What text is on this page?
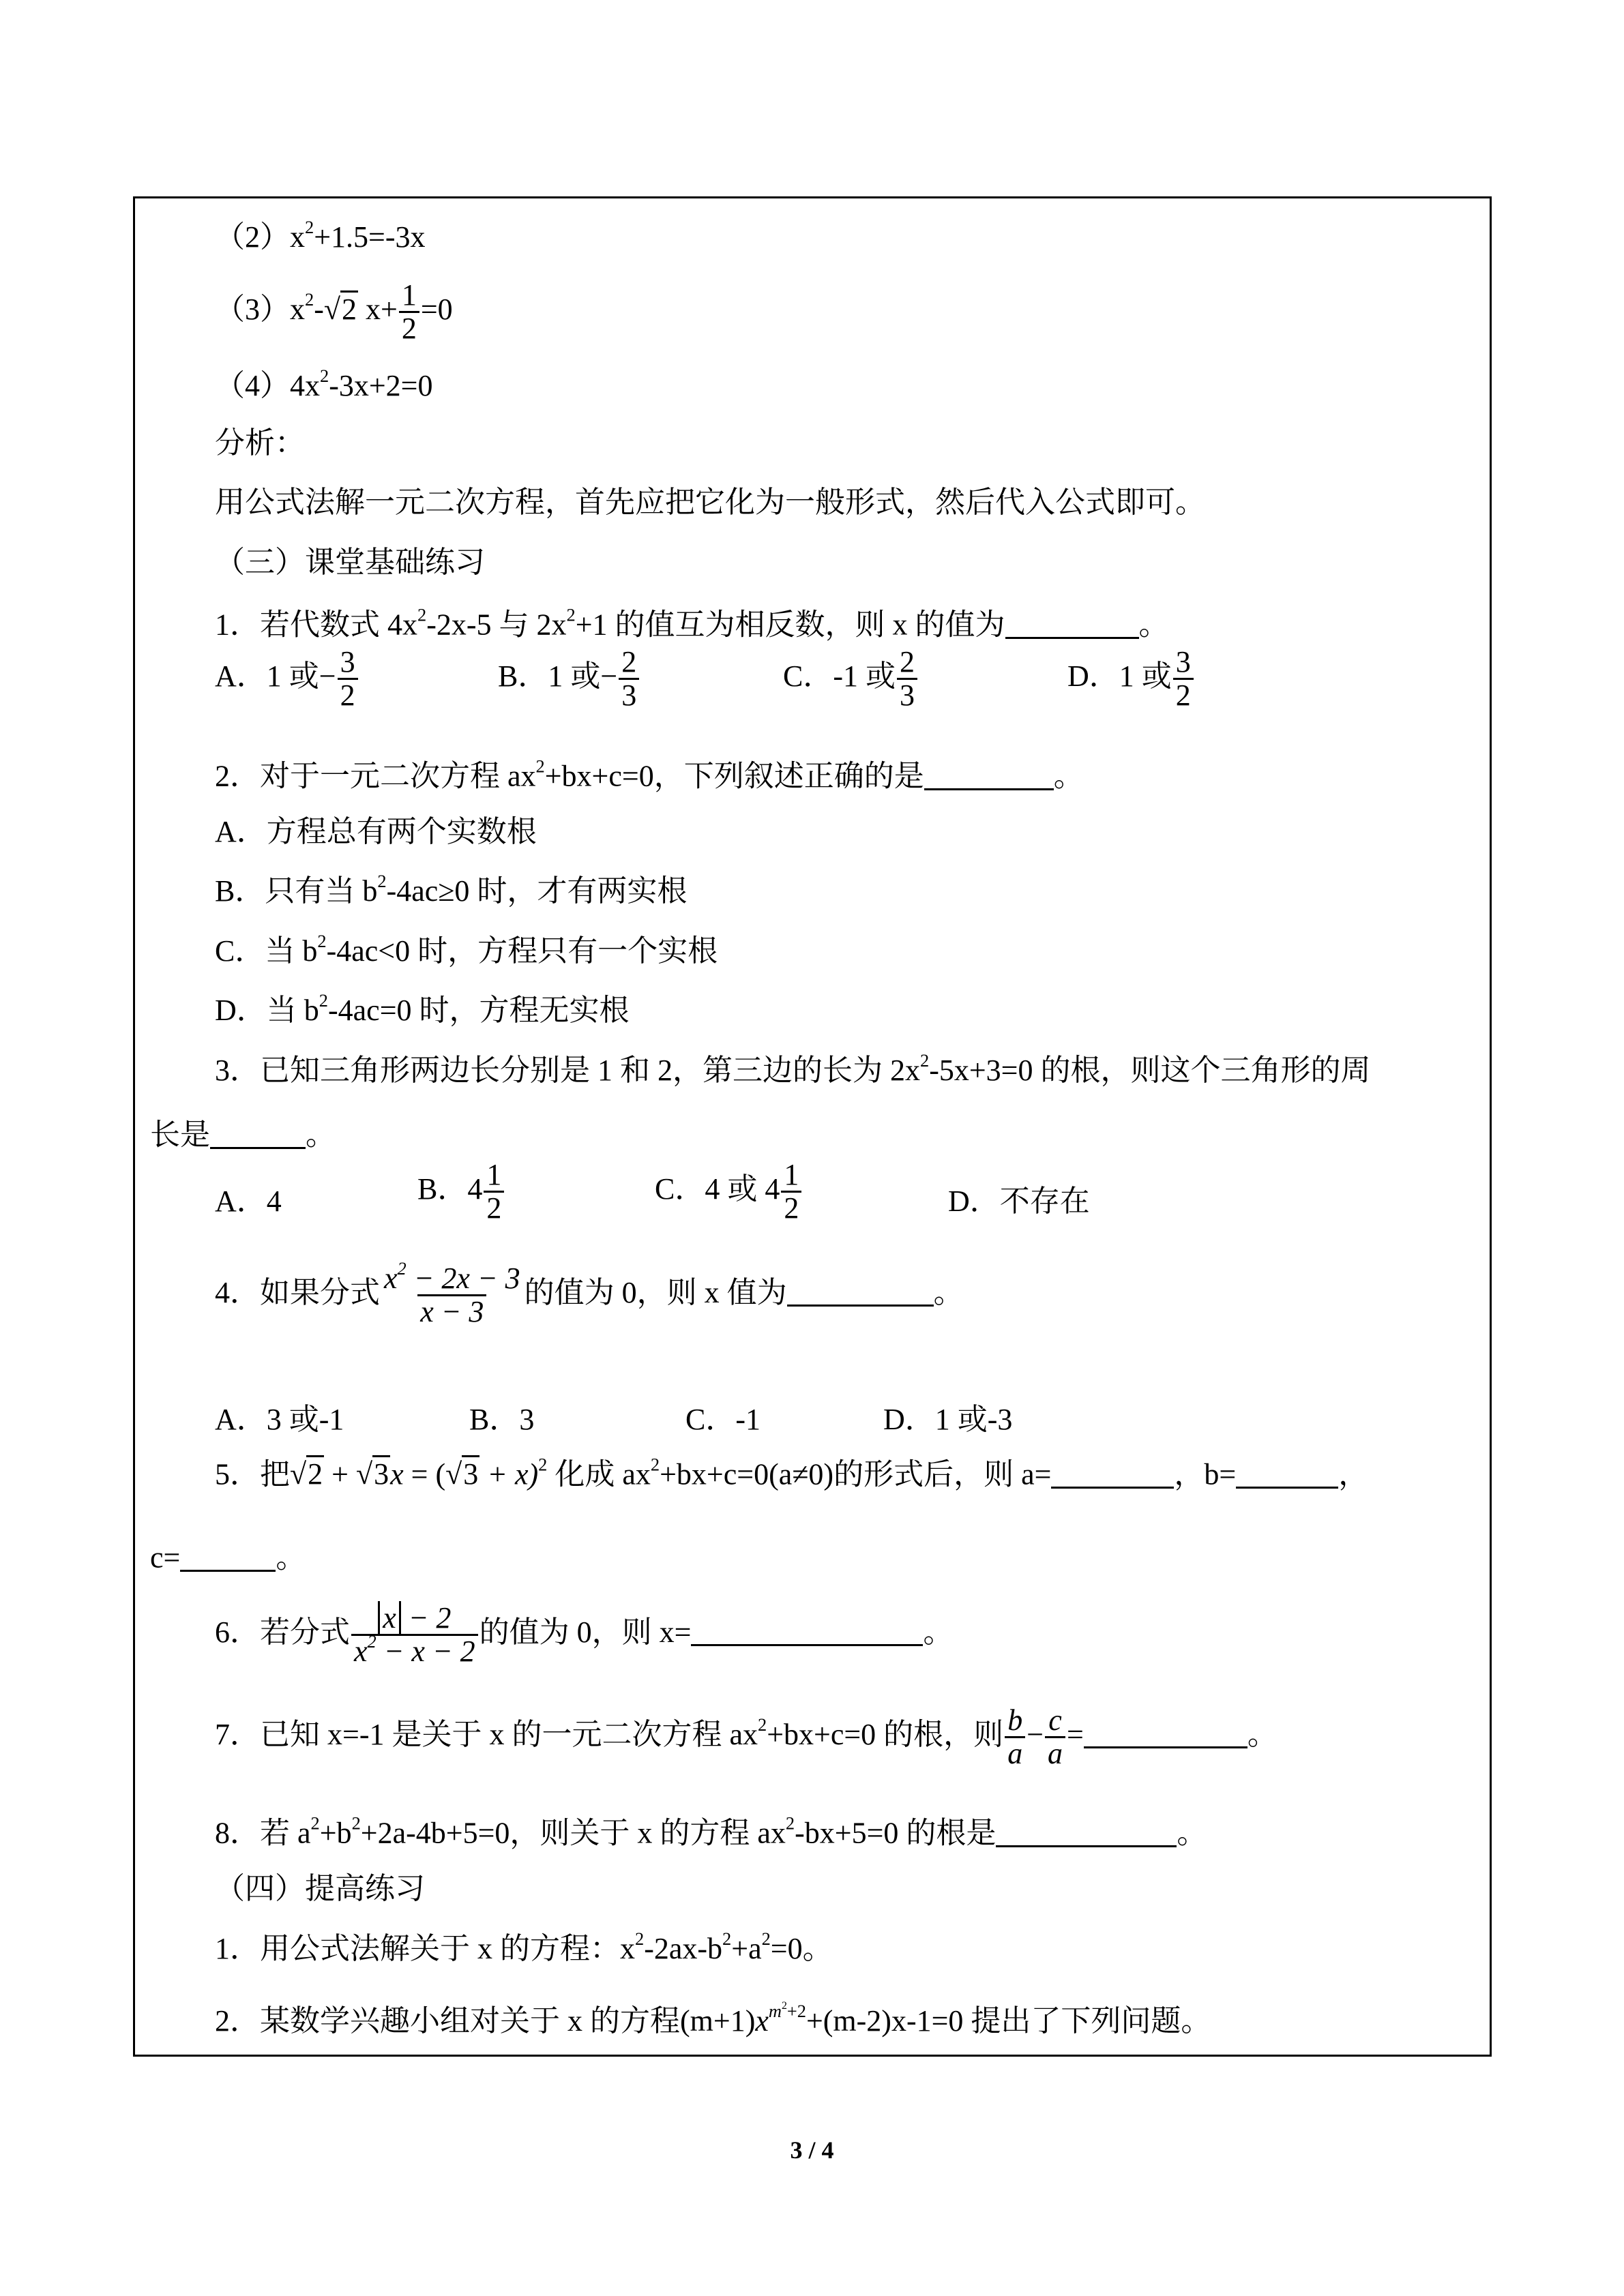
$(2)x^2+1.5=-3x$
$(3)x^2-√2$ $x+ \frac{1}{2} =0$
$(4)4x^2-3x+2=0$
分析：
用公式法解一元二次方程，首先应把它化为一般形式，然后代入公式即可。
（三）课堂基础练习
1．若代数式 $4x^2-2x-5$ 与 $2x^2+1$ 的值互为相反数，则 x 的值为	。
A．1 或− $\frac{3}{2}$	B．1 或− $\frac{2}{3}$	C．-1 或 $\frac{2}{3}$	D．1 或 $\frac{3}{2}$
2．对于一元二次方程 $ax^2+bx+c=0$，下列叙述正确的是	。
A．方程总有两个实数根
B．只有当 $b^2-4ac\ge 0$ 时，才有两实根
C．当 $b^2-4ac<0$ 时，方程只有一个实根
D．当 $b^2-4ac=0$ 时，方程无实根
3．已知三角形两边长分别是 1 和 2，第三边的长为 $2x^2-5x+3=0$ 的根，则这个三角形的周
长是	。
A．4	B．$4 \frac{1}{2}$	C．4 或 $4 \frac{1}{2}$	D．不存在
4．如果分式 $\frac{x^2 - 2x - 3}{x - 3}$ 的值为 0，则 x 值为	。
A．3 或-1	B．3	C．-1	D．1 或-3
5．把$√2 + √3x = (√3 + x)^2$ 化成 $ax^2+bx+c=0(a\ne 0)$的形式后，则 a=	，b=	，
c=	。
6．若分式 $\frac{x - 2}{x^2 - x - 2}$ 的值为 0，则 x=	。
7．已知 x=-1 是关于 x 的一元二次方程 $ax^2+bx+c=0$ 的根，则 $\frac{b}{a} - \frac{c}{a}$ =	。
8．若 $a^2+b^2+2a-4b+5=0$，则关于 x 的方程 $ax^2-bx+5=0$ 的根是	。
（四）提高练习
1．用公式法解关于 x 的方程：$x^2-2ax-b^2+a^2=0$。
2．某数学兴趣小组对关于 x 的方程$(m+1)x^{m^2+2}+(m-2)x-1=0$ 提出了下列问题。
3 / 4
